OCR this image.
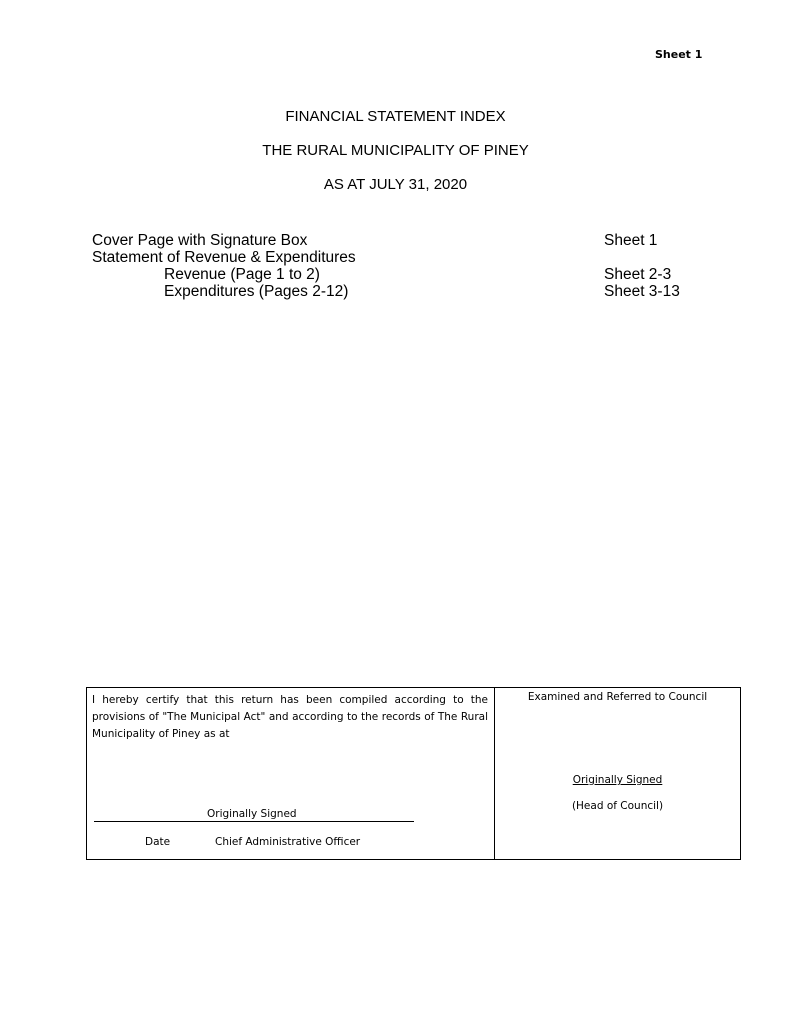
Sheet 1
FINANCIAL STATEMENT INDEX
THE RURAL MUNICIPALITY OF PINEY
AS AT JULY 31, 2020
Cover Page with Signature Box	Sheet 1
Statement of Revenue & Expenditures
Revenue (Page 1 to 2)	Sheet 2-3
Expenditures (Pages 2-12)	Sheet 3-13
I hereby certify that this return has been compiled according to the provisions of "The Municipal Act" and according to the records of The Rural Municipality of Piney as at
Originally Signed
Date	Chief Administrative Officer
Examined and Referred to Council
Originally Signed
(Head of Council)
